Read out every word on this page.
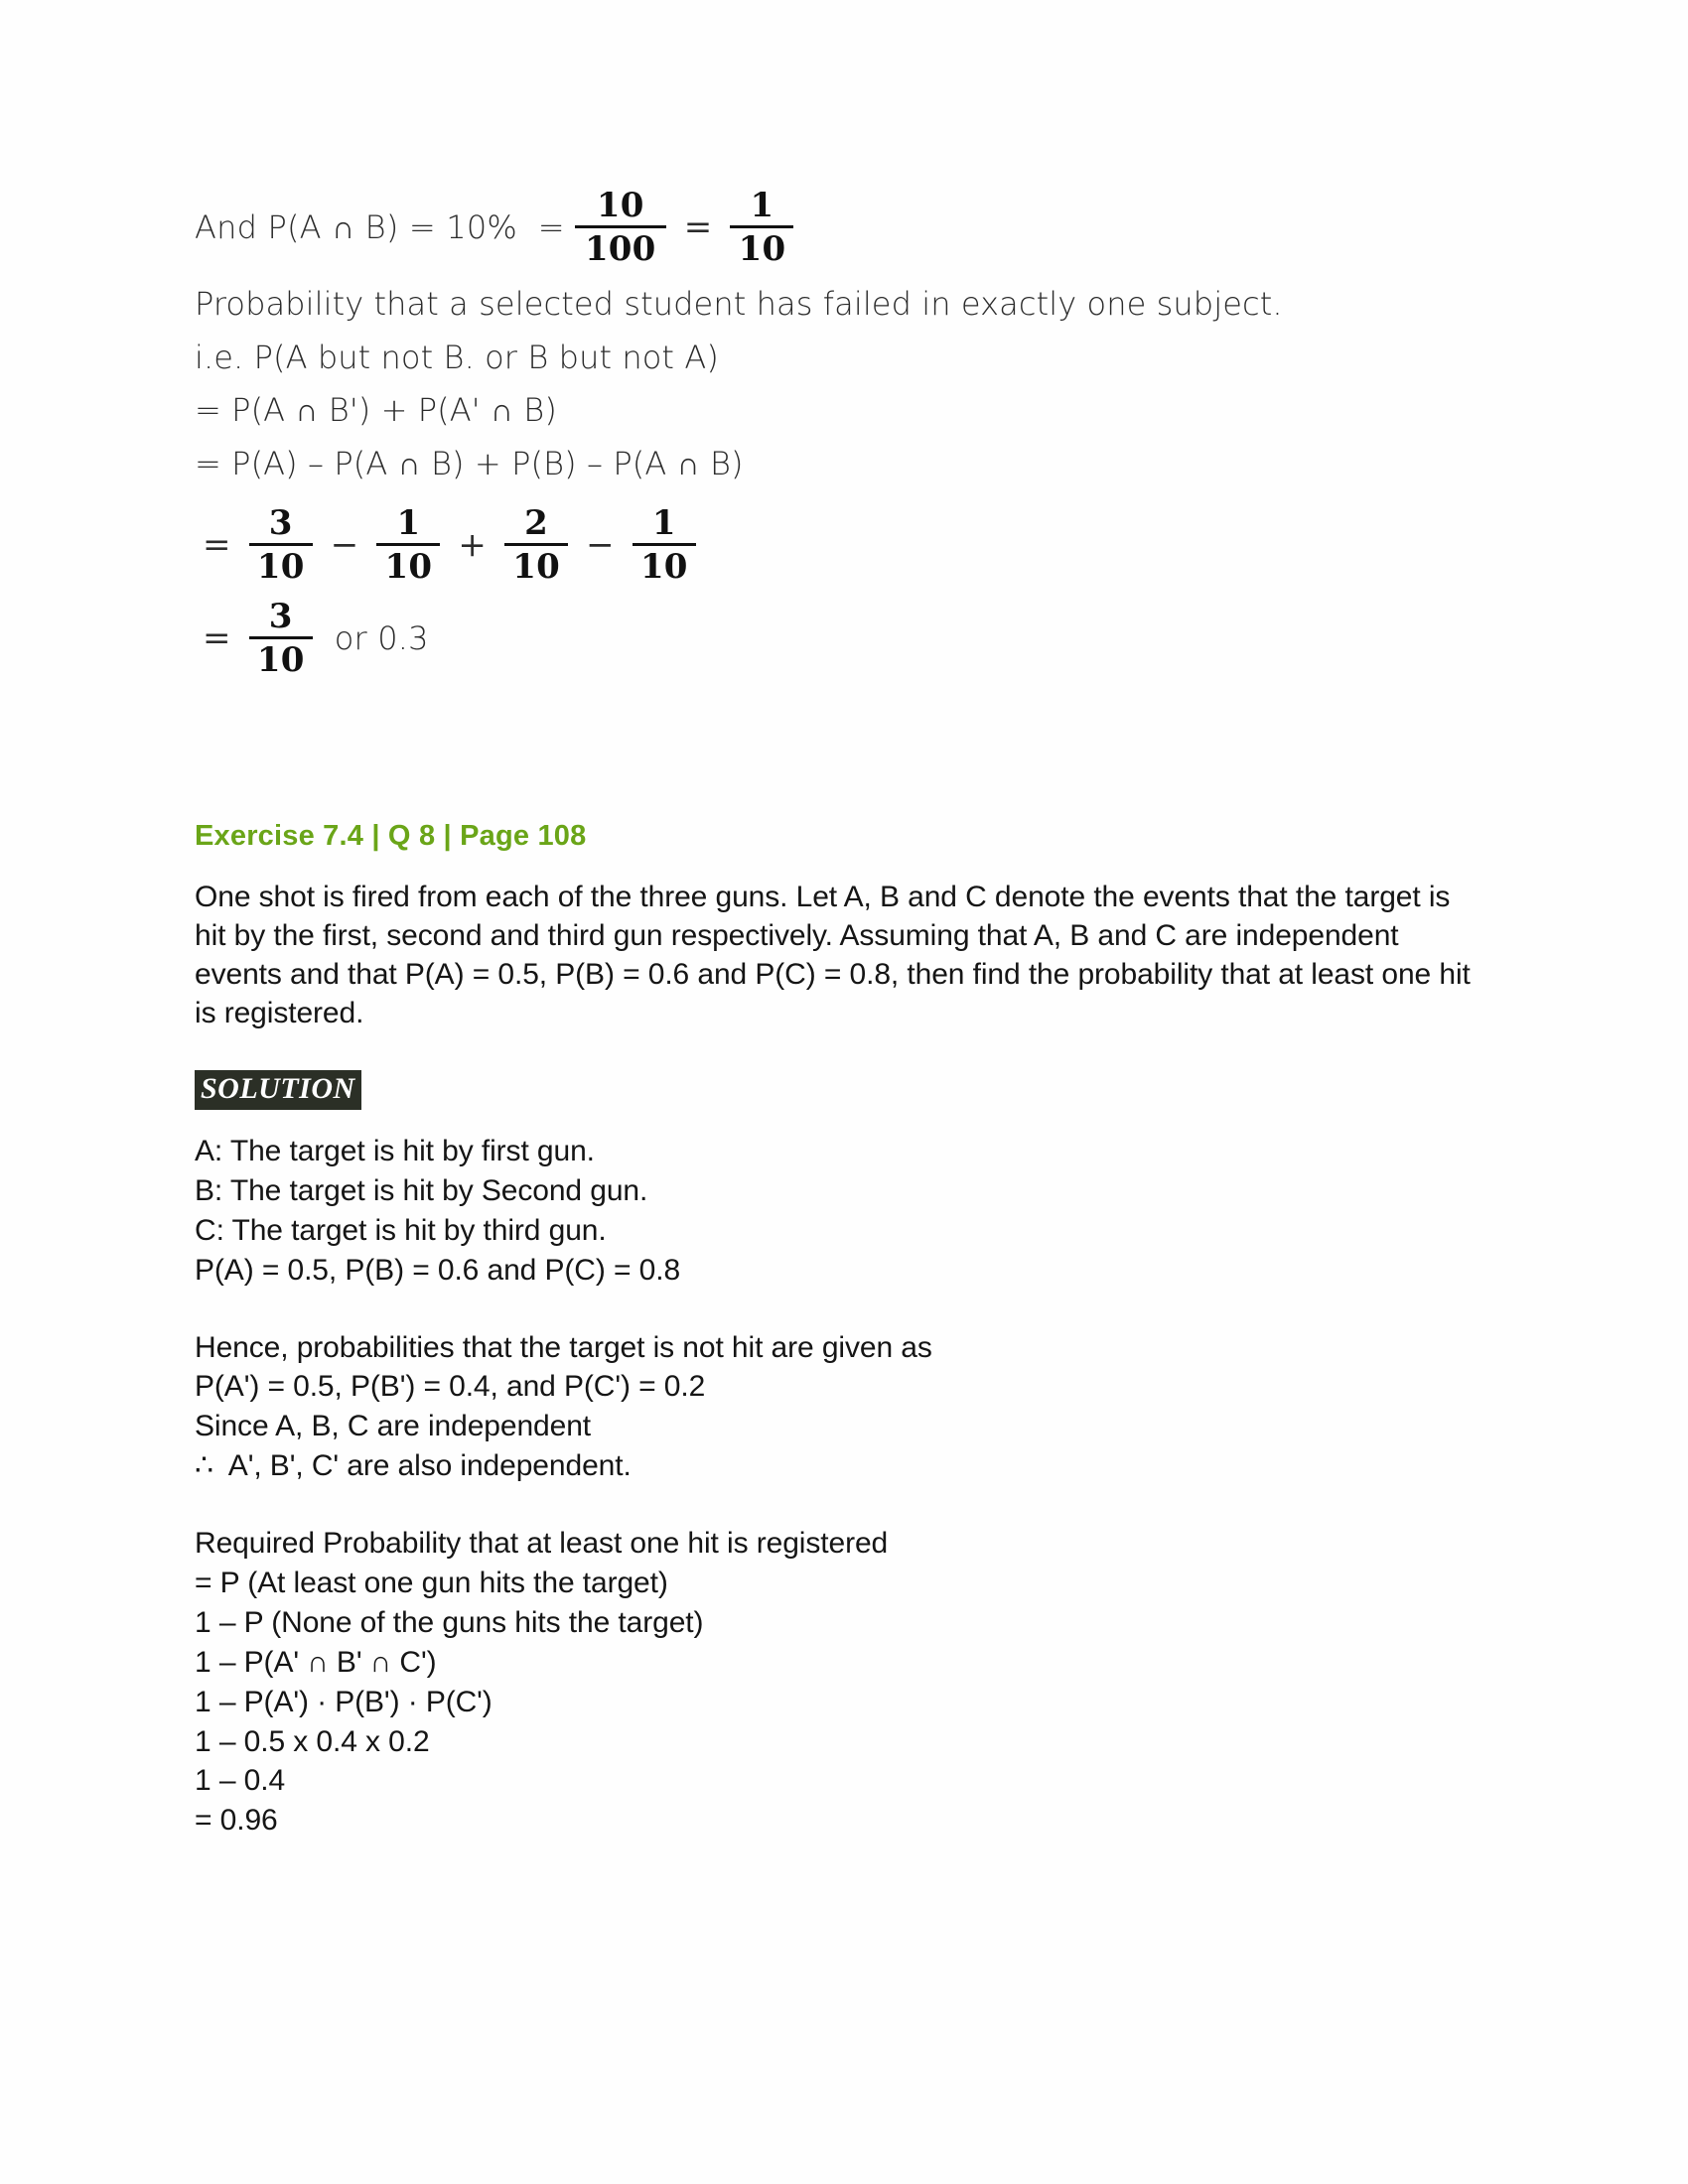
And P(A ∩ $B) = 10\% = \frac{10}{100} = \frac{1}{10}$
Probability that a selected student has failed in exactly one subject.
i.e. P(A but not B. or B but not A)
= P(A ∩ B') + P(A' ∩ B)
= P(A) – P(A ∩ B) + P(B) – P(A ∩ B)
= $\frac{3}{10} - \frac{1}{10} + \frac{2}{10} - \frac{1}{10}$
= $\frac{3}{10}$ or 0.3
Exercise 7.4 | Q 8 | Page 108
One shot is fired from each of the three guns. Let A, B and C denote the events that the target is hit by the first, second and third gun respectively. Assuming that A, B and C are independent events and that P(A) = 0.5, P(B) = 0.6 and P(C) = 0.8, then find the probability that at least one hit is registered.
SOLUTION
A: The target is hit by first gun.
B: The target is hit by Second gun.
C: The target is hit by third gun.
P(A) = 0.5, P(B) = 0.6 and P(C) = 0.8
Hence, probabilities that the target is not hit are given as
P(A') = 0.5, P(B') = 0.4, and P(C') = 0.2
Since A, B, C are independent
∴  A', B', C' are also independent.
Required Probability that at least one hit is registered
= P (At least one gun hits the target)
1 – P (None of the guns hits the target)
1 – P(A' ∩ B' ∩ C')
1 – P(A') · P(B') · P(C')
1 – 0.5 x 0.4 x 0.2
1 – 0.4
= 0.96
